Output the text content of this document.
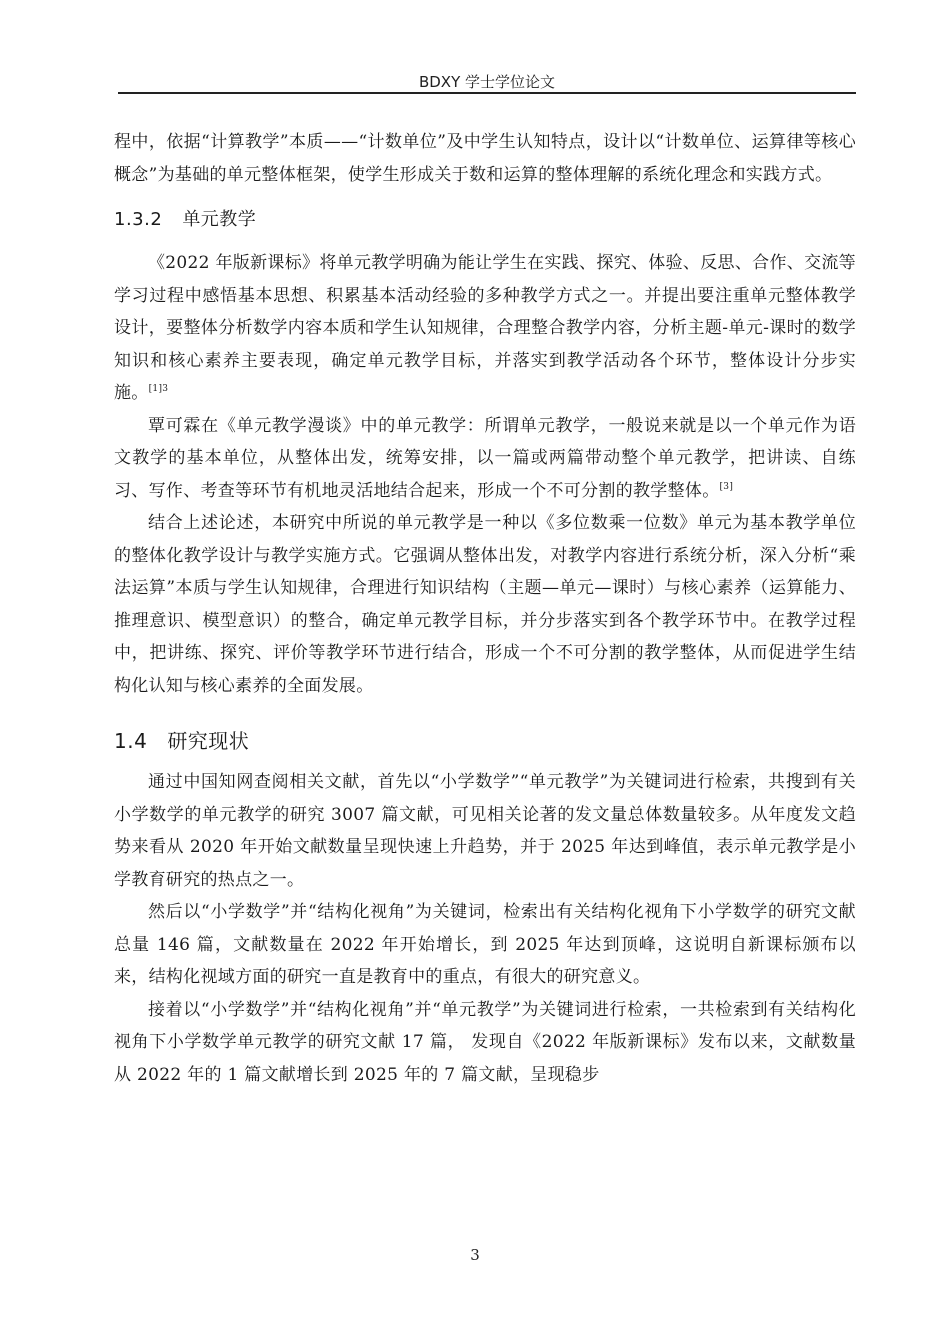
BDXY 学士学位论文

程中，依据“计算教学”本质——“计数单位”及中学生认知特点，设计以“计数单位、运算律等核心概念”为基础的单元整体框架，使学生形成关于数和运算的整体理解的系统化理念和实践方式。

1.3.2 单元教学

《2022 年版新课标》将单元教学明确为能让学生在实践、探究、体验、反思、合作、交流等学习过程中感悟基本思想、积累基本活动经验的多种教学方式之一。并提出要注重单元整体教学设计，要整体分析数学内容本质和学生认知规律，合理整合教学内容，分析主题-单元-课时的数学知识和核心素养主要表现，确定单元教学目标，并落实到教学活动各个环节，整体设计分步实施。$^{[1]3}$

覃可霖在《单元教学漫谈》中的单元教学：所谓单元教学，一般说来就是以一个单元作为语文教学的基本单位，从整体出发，统筹安排，以一篇或两篇带动整个单元教学，把讲读、自练习、写作、考查等环节有机地灵活地结合起来，形成一个不可分割的教学整体。[3]

结合上述论述，本研究中所说的单元教学是一种以《多位数乘一位数》单元为基本教学单位的整体化教学设计与教学实施方式。它强调从整体出发，对教学内容进行系统分析，深入分析“乘法运算”本质与学生认知规律，合理进行知识结构（主题—单元—课时）与核心素养（运算能力、推理意识、模型意识）的整合，确定单元教学目标，并分步落实到各个教学环节中。在教学过程中，把讲练、探究、评价等教学环节进行结合，形成一个不可分割的教学整体，从而促进学生结构化认知与核心素养的全面发展。

1.4 研究现状

通过中国知网查阅相关文献，首先以“小学数学”“单元教学”为关键词进行检索，共搜到有关小学数学的单元教学的研究 3007 篇文献，可见相关论著的发文量总体数量较多。从年度发文趋势来看从 2020 年开始文献数量呈现快速上升趋势，并于 2025 年达到峰值，表示单元教学是小学教育研究的热点之一。

然后以“小学数学”并“结构化视角”为关键词，检索出有关结构化视角下小学数学的研究文献总量 146 篇，文献数量在 2022 年开始增长，到 2025 年达到顶峰，这说明自新课标颁布以来，结构化视域方面的研究一直是教育中的重点，有很大的研究意义。

接着以“小学数学”并“结构化视角”并“单元教学”为关键词进行检索，一共检索到有关结构化视角下小学数学单元教学的研究文献 17 篇， 发现自《2022 年版新课标》发布以来，文献数量从 2022 年的 1 篇文献增长到 2025 年的 7 篇文献，呈现稳步

3
